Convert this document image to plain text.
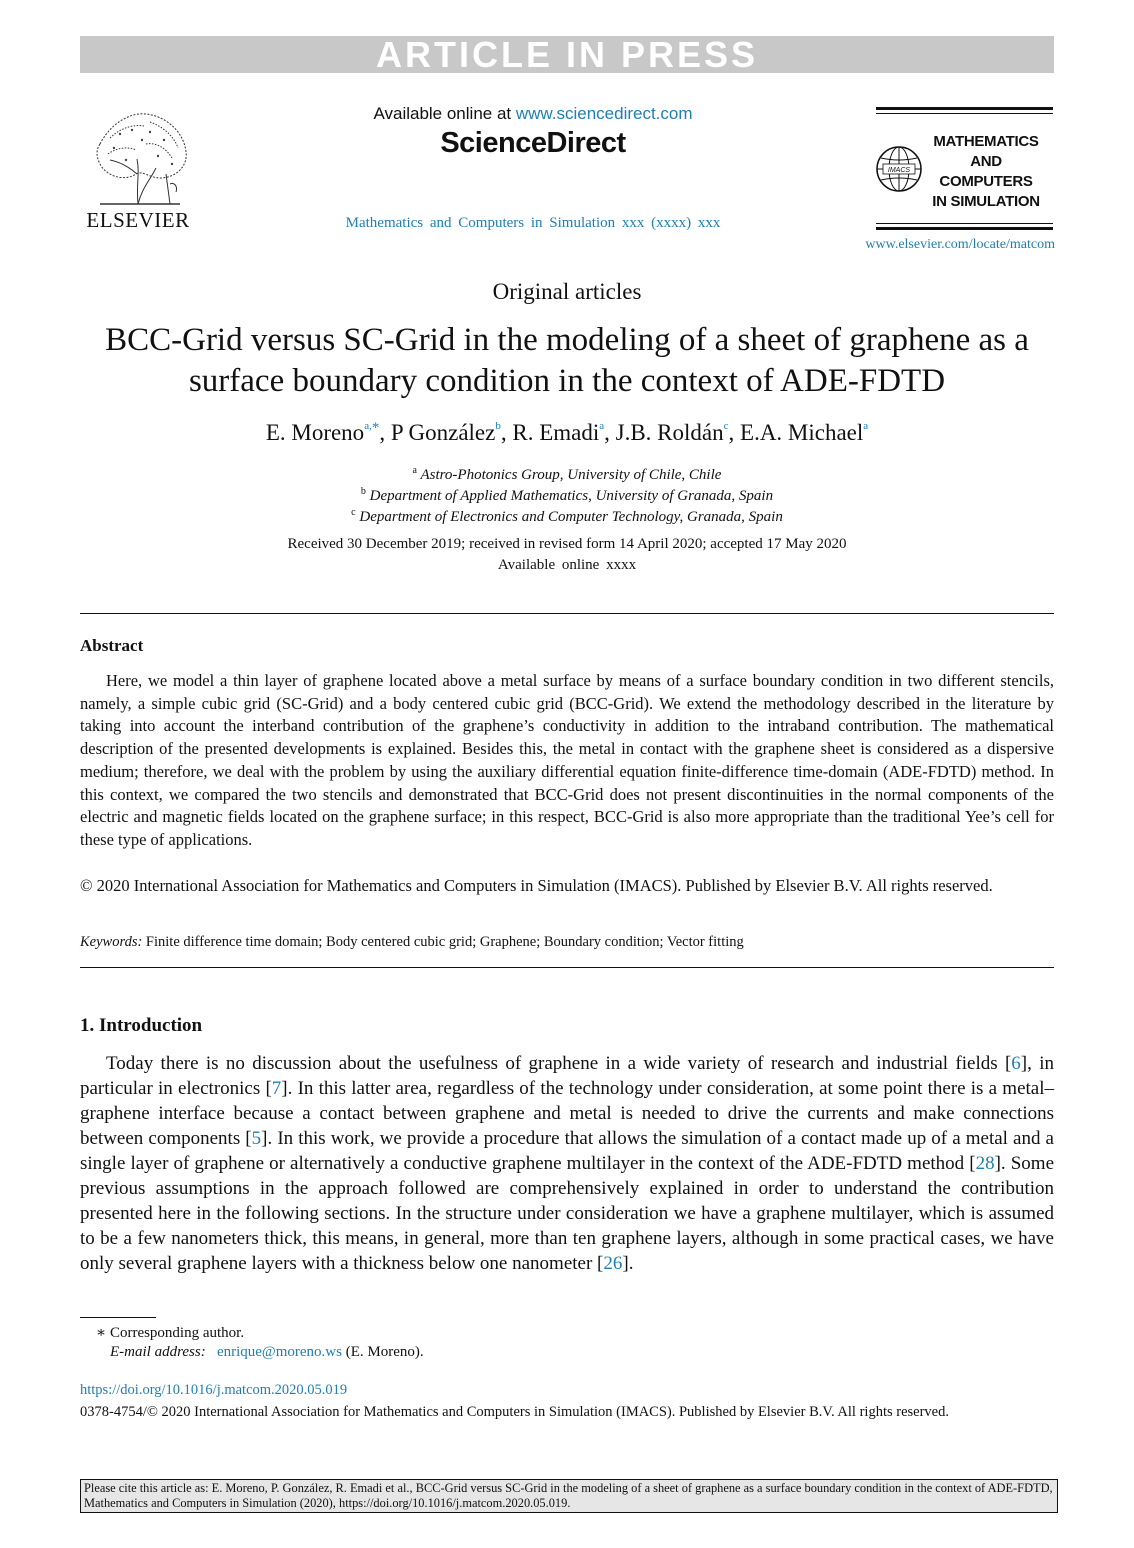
ARTICLE IN PRESS
ELSEVIER
Available online at www.sciencedirect.com
ScienceDirect
Mathematics and Computers in Simulation xxx (xxxx) xxx
IMACS
MATHEMATICS
AND
COMPUTERS
IN SIMULATION
www.elsevier.com/locate/matcom
Original articles
BCC-Grid versus SC-Grid in the modeling of a sheet of graphene as a surface boundary condition in the context of ADE-FDTD
E. Moreno$^{a,*}$, P González$^b$, R. Emadi$^a$, J.B. Roldán$^c$, E.A. Michael$^a$
$^a$ Astro-Photonics Group, University of Chile, Chile
$^b$ Department of Applied Mathematics, University of Granada, Spain
$^c$ Department of Electronics and Computer Technology, Granada, Spain
Received 30 December 2019; received in revised form 14 April 2020; accepted 17 May 2020
Available online xxxx
Abstract
Here, we model a thin layer of graphene located above a metal surface by means of a surface boundary condition in two different stencils, namely, a simple cubic grid (SC-Grid) and a body centered cubic grid (BCC-Grid). We extend the methodology described in the literature by taking into account the interband contribution of the graphene’s conductivity in addition to the intraband contribution. The mathematical description of the presented developments is explained. Besides this, the metal in contact with the graphene sheet is considered as a dispersive medium; therefore, we deal with the problem by using the auxiliary differential equation finite-difference time-domain (ADE-FDTD) method. In this context, we compared the two stencils and demonstrated that BCC-Grid does not present discontinuities in the normal components of the electric and magnetic fields located on the graphene surface; in this respect, BCC-Grid is also more appropriate than the traditional Yee’s cell for these type of applications.
© 2020 International Association for Mathematics and Computers in Simulation (IMACS). Published by Elsevier B.V. All rights reserved.
Keywords: Finite difference time domain; Body centered cubic grid; Graphene; Boundary condition; Vector fitting
1. Introduction
Today there is no discussion about the usefulness of graphene in a wide variety of research and industrial fields [6], in particular in electronics [7]. In this latter area, regardless of the technology under consideration, at some point there is a metal–graphene interface because a contact between graphene and metal is needed to drive the currents and make connections between components [5]. In this work, we provide a procedure that allows the simulation of a contact made up of a metal and a single layer of graphene or alternatively a conductive graphene multilayer in the context of the ADE-FDTD method [28]. Some previous assumptions in the approach followed are comprehensively explained in order to understand the contribution presented here in the following sections. In the structure under consideration we have a graphene multilayer, which is assumed to be a few nanometers thick, this means, in general, more than ten graphene layers, although in some practical cases, we have only several graphene layers with a thickness below one nanometer [26].
∗ Corresponding author.
E-mail address: enrique@moreno.ws (E. Moreno).
https://doi.org/10.1016/j.matcom.2020.05.019
0378-4754/© 2020 International Association for Mathematics and Computers in Simulation (IMACS). Published by Elsevier B.V. All rights reserved.
Please cite this article as: E. Moreno, P. González, R. Emadi et al., BCC-Grid versus SC-Grid in the modeling of a sheet of graphene as a surface boundary condition in the context of ADE-FDTD, Mathematics and Computers in Simulation (2020), https://doi.org/10.1016/j.matcom.2020.05.019.
